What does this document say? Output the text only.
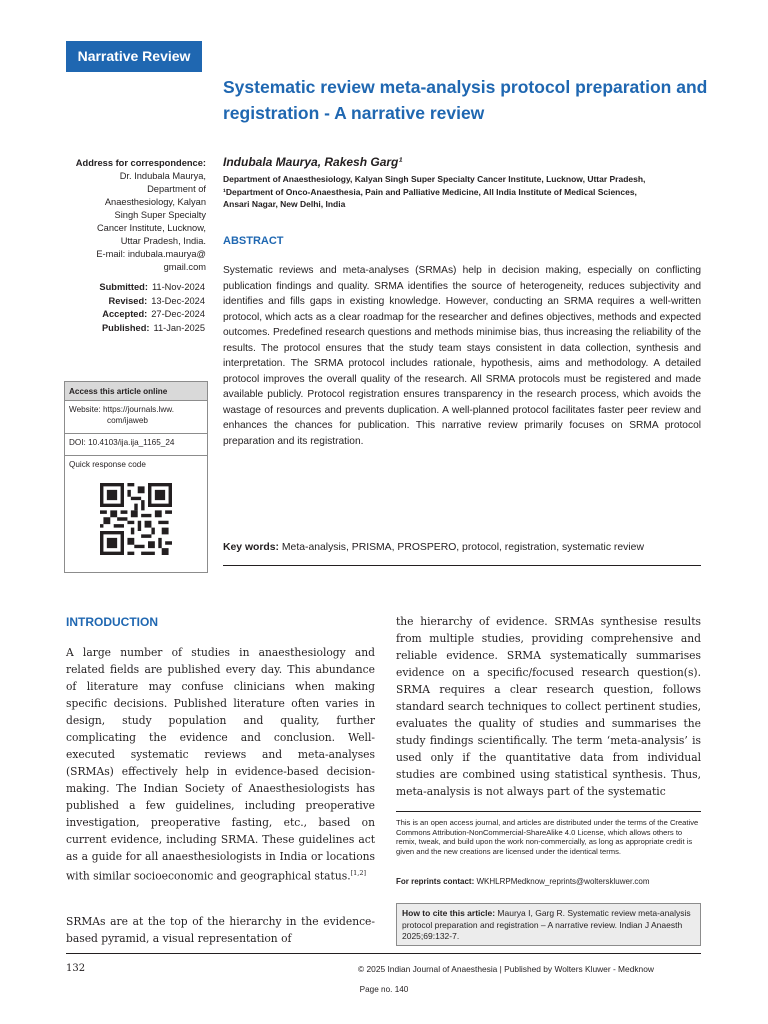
Narrative Review
Systematic review meta-analysis protocol preparation and registration - A narrative review
Address for correspondence:
Dr. Indubala Maurya,
Department of
Anaesthesiology, Kalyan
Singh Super Specialty
Cancer Institute, Lucknow,
Uttar Pradesh, India.
E-mail: indubala.maurya@
gmail.com
Submitted: 11-Nov-2024
Revised: 13-Dec-2024
Accepted: 27-Dec-2024
Published: 11-Jan-2025
Access this article online
Website: https://journals.lww.
com/ijaweb
DOI: 10.4103/ija.ija_1165_24
Quick response code
Indubala Maurya, Rakesh Garg¹
Department of Anaesthesiology, Kalyan Singh Super Specialty Cancer Institute, Lucknow, Uttar Pradesh,
¹Department of Onco-Anaesthesia, Pain and Palliative Medicine, All India Institute of Medical Sciences,
Ansari Nagar, New Delhi, India
ABSTRACT
Systematic reviews and meta-analyses (SRMAs) help in decision making, especially on conflicting publication findings and quality. SRMA identifies the source of heterogeneity, reduces subjectivity and identifies and fills gaps in existing knowledge. However, conducting an SRMA requires a well-written protocol, which acts as a clear roadmap for the researcher and defines objectives, methods and expected outcomes. Predefined research questions and methods minimise bias, thus increasing the reliability of the results. The protocol ensures that the study team stays consistent in data collection, synthesis and interpretation. The SRMA protocol includes rationale, hypothesis, aims and methodology. A detailed protocol improves the overall quality of the research. All SRMA protocols must be registered and made available publicly. Protocol registration ensures transparency in the research process, which avoids the wastage of resources and prevents duplication. A well-planned protocol facilitates faster peer review and enhances the chances for publication. This narrative review primarily focuses on SRMA protocol preparation and its registration.
Key words: Meta-analysis, PRISMA, PROSPERO, protocol, registration, systematic review
INTRODUCTION
A large number of studies in anaesthesiology and related fields are published every day. This abundance of literature may confuse clinicians when making specific decisions. Published literature often varies in design, study population and quality, further complicating the evidence and conclusion. Well-executed systematic reviews and meta-analyses (SRMAs) effectively help in evidence-based decision-making. The Indian Society of Anaesthesiologists has published a few guidelines, including preoperative investigation, preoperative fasting, etc., based on current evidence, including SRMA. These guidelines act as a guide for all anaesthesiologists in India or locations with similar socioeconomic and geographical status.[1,2]
SRMAs are at the top of the hierarchy in the evidence-based pyramid, a visual representation of
the hierarchy of evidence. SRMAs synthesise results from multiple studies, providing comprehensive and reliable evidence. SRMA systematically summarises evidence on a specific/focused research question(s). SRMA requires a clear research question, follows standard search techniques to collect pertinent studies, evaluates the quality of studies and summarises the study findings scientifically. The term ‘meta-analysis’ is used only if the quantitative data from individual studies are combined using statistical synthesis. Thus, meta-analysis is not always part of the systematic
This is an open access journal, and articles are distributed under the terms of the Creative Commons Attribution-NonCommercial-ShareAlike 4.0 License, which allows others to remix, tweak, and build upon the work non-commercially, as long as appropriate credit is given and the new creations are licensed under the identical terms.
For reprints contact: WKHLRPMedknow_reprints@wolterskluwer.com
How to cite this article: Maurya I, Garg R. Systematic review meta-analysis protocol preparation and registration – A narrative review. Indian J Anaesth 2025;69:132-7.
132	© 2025 Indian Journal of Anaesthesia | Published by Wolters Kluwer - Medknow
Page no. 140
